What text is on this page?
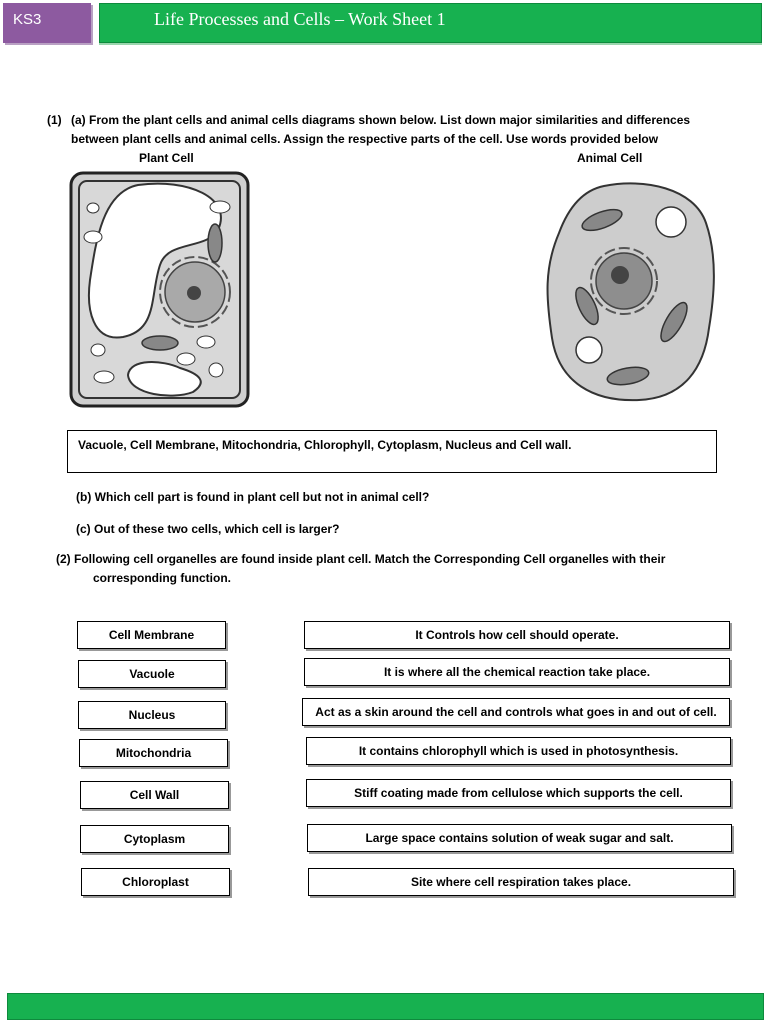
KS3	Life Processes and Cells – Work Sheet 1
(1) (a) From the plant cells and animal cells diagrams shown below. List down major similarities and differences
between plant cells and animal cells. Assign the respective parts of the cell. Use words provided below
Plant Cell	Animal Cell
Vacuole, Cell Membrane, Mitochondria, Chlorophyll, Cytoplasm, Nucleus and Cell wall.
(b) Which cell part is found in plant cell but not in animal cell?
(c) Out of these two cells, which cell is larger?
(2) Following cell organelles are found inside plant cell. Match the Corresponding Cell organelles with their
corresponding function.
Cell Membrane
Vacuole
Nucleus
Mitochondria
Cell Wall
Cytoplasm
Chloroplast
It Controls how cell should operate.
It is where all the chemical reaction take place.
Act as a skin around the cell and controls what goes in and out of cell.
It contains chlorophyll which is used in photosynthesis.
Stiff coating made from cellulose which supports the cell.
Large space contains solution of weak sugar and salt.
Site where cell respiration takes place.
